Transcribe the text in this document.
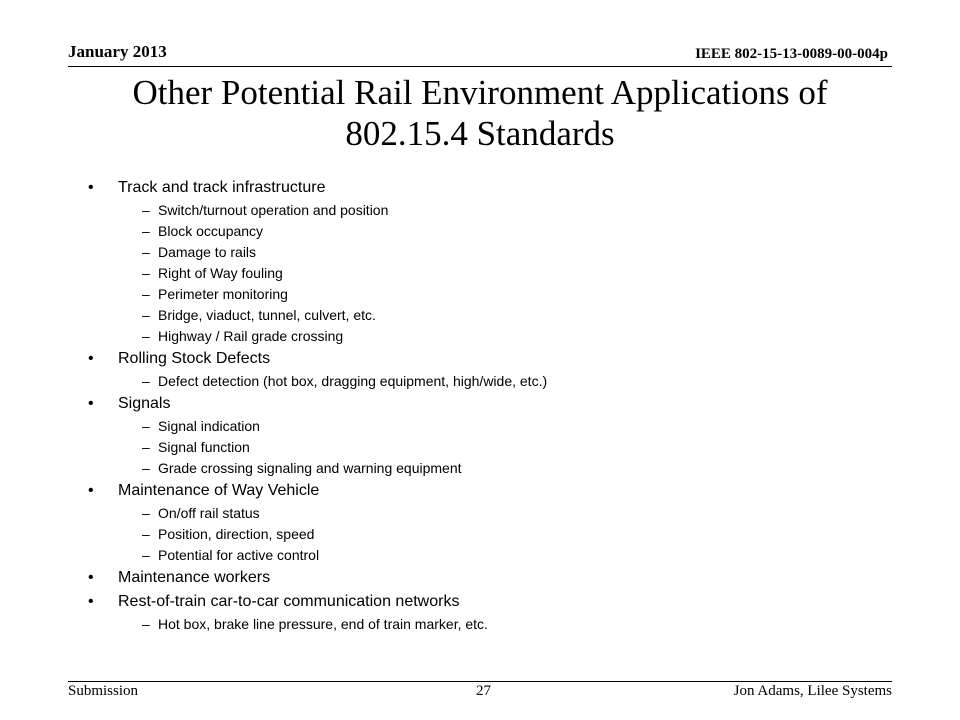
January 2013	IEEE 802-15-13-0089-00-004p
Other Potential Rail Environment Applications of 802.15.4 Standards
• Track and track infrastructure
– Switch/turnout operation and position
– Block occupancy
– Damage to rails
– Right of Way fouling
– Perimeter monitoring
– Bridge, viaduct, tunnel, culvert, etc.
– Highway / Rail grade crossing
• Rolling Stock Defects
– Defect detection (hot box, dragging equipment, high/wide, etc.)
• Signals
– Signal indication
– Signal function
– Grade crossing signaling and warning equipment
• Maintenance of Way Vehicle
– On/off rail status
– Position, direction, speed
– Potential for active control
• Maintenance workers
• Rest-of-train car-to-car communication networks
– Hot box, brake line pressure, end of train marker, etc.
Submission	27	Jon Adams, Lilee Systems
